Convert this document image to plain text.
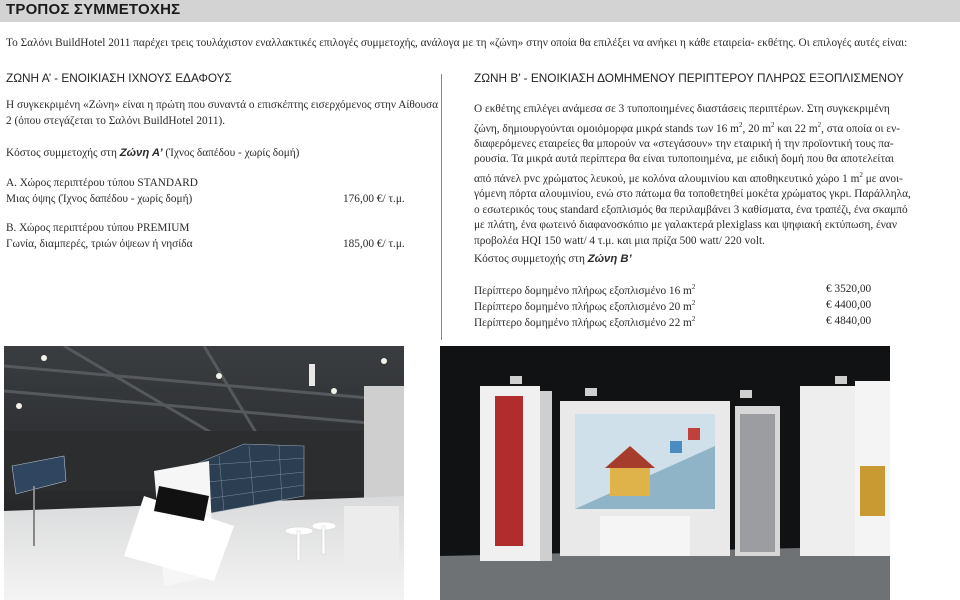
ΤΡΟΠΟΣ ΣΥΜΜΕΤΟΧΗΣ
Το Σαλόνι BuildHotel 2011 παρέχει τρεις τουλάχιστον εναλλακτικές επιλογές συμμετοχής, ανάλογα με τη «ζώνη» στην οποία θα επιλέξει να ανήκει η κάθε εταιρεία- εκθέτης. Οι επιλογές αυτές είναι:
ΖΩΝΗ Α’ - ΕΝΟΙΚΙΑΣΗ ΙΧΝΟΥΣ ΕΔΑΦΟΥΣ	ΖΩΝΗ Β’ - ΕΝΟΙΚΙΑΣΗ ΔΟΜΗΜΕΝΟΥ ΠΕΡΙΠΤΕΡΟΥ ΠΛΗΡΩΣ ΕΞΟΠΛΙΣΜΕΝΟΥ
Η συγκεκριμένη «Ζώνη» είναι η πρώτη που συναντά ο επισκέπτης εισερχόμενος στην Αίθουσα
2 (όπου στεγάζεται το Σαλόνι BuildHotel 2011).
Κόστος συμμετοχής στη Ζώνη Α’ (Ίχνος δαπέδου - χωρίς δομή)
Α. Χώρος περιπτέρου τύπου STANDARD
Μιας όψης (Ίχνος δαπέδου - χωρίς δομή)	176,00 €/ τ.μ.
Β. Χώρος περιπτέρου τύπου PREMIUM
Γωνία, διαμπερές, τριών όψεων ή νησίδα	185,00 €/ τ.μ.
Ο εκθέτης επιλέγει ανάμεσα σε 3 τυποποιημένες διαστάσεις περιπτέρων. Στη συγκεκριμένη
ζώνη, δημιουργούνται ομοιόμορφα μικρά stands των 16 $m^2$, 20 $m^2$ και 22 $m^2$, στα οποία οι εν-
διαφερόμενες εταιρείες θα μπορούν να «στεγάσουν» την εταιρική ή την προϊοντική τους πα-
ρουσία. Τα μικρά αυτά περίπτερα θα είναι τυποποιημένα, με ειδική δομή που θα αποτελείται
από πάνελ pvc χρώματος λευκού, με κολόνα αλουμινίου και αποθηκευτικό χώρο 1 $m^2$ με ανοι-
γόμενη πόρτα αλουμινίου, ενώ στο πάτωμα θα τοποθετηθεί μοκέτα χρώματος γκρι. Παράλληλα,
ο εσωτερικός τους standard εξοπλισμός θα περιλαμβάνει 3 καθίσματα, ένα τραπέζι, ένα σκαμπό
με πλάτη, ένα φωτεινό διαφανοσκόπιο με γαλακτερά plexiglass και ψηφιακή εκτύπωση, έναν
προβολέα HQI 150 watt/ 4 τ.μ. και μια πρίζα 500 watt/ 220 volt.
Κόστος συμμετοχής στη Ζώνη Β’
Περίπτερο δομημένο πλήρως εξοπλισμένο 16 $m^2$	€ 3520,00
Περίπτερο δομημένο πλήρως εξοπλισμένο 20 $m^2$	€ 4400,00
Περίπτερο δομημένο πλήρως εξοπλισμένο 22 $m^2$	€ 4840,00
